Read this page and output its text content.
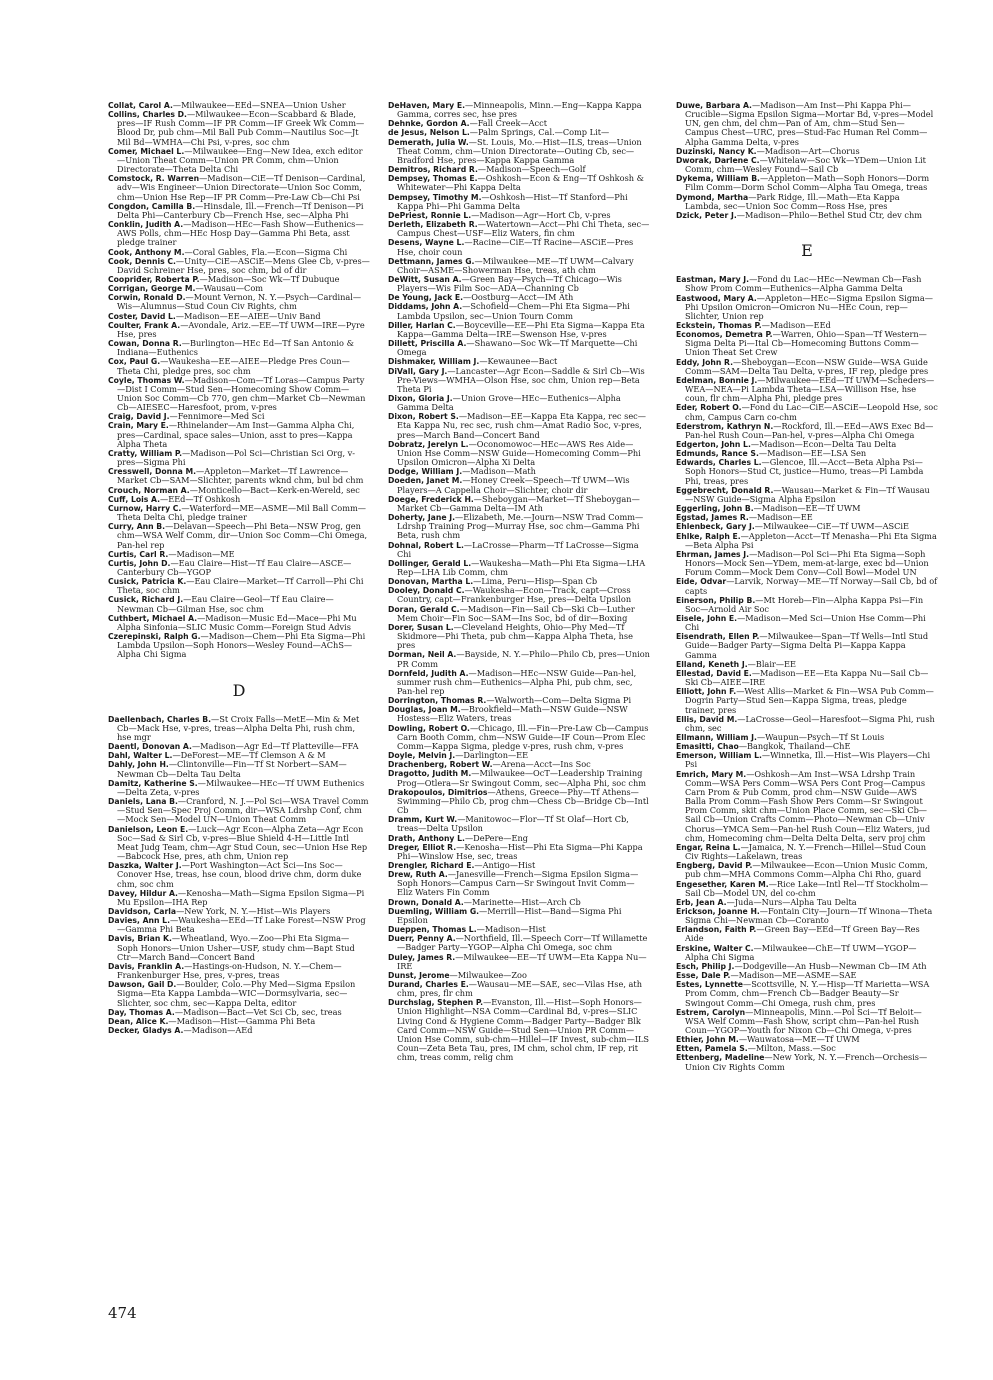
Collat, Carol A.—Milwaukee—EEd—SNEA—Union Usher

Collins, Charles D.—Milwaukee—Econ—Scabbard & Blade, pres—IF Rush Comm—IF PR Comm—IF Greek Wk Comm—Blood Dr, pub chm—Mil Ball Pub Comm—Nautilus Soc—Jt Mil Bd—WMHA—Chi Psi, v-pres, soc chm

Comer, Michael L.—Milwaukee—Eng—New Idea, exch editor—Union Theat Comm—Union PR Comm, chm—Union Directorate—Theta Delta Chi

Comstock, R. Warren—Madison—CiE—Tf Denison—Cardinal, adv—Wis Engineer—Union Directorate—Union Soc Comm, chm—Union Hse Rep—IF PR Comm—Pre-Law Cb—Chi Psi

Congdon, Camilla B.—Hinsdale, Ill.—French—Tf Denison—Pi Delta Phi—Canterbury Cb—French Hse, sec—Alpha Phi

Conklin, Judith A.—Madison—HEc—Fash Show—Euthenics—AWS Polls, chm—HEc Hosp Day—Gamma Phi Beta, asst pledge trainer

Cook, Anthony M.—Coral Gables, Fla.—Econ—Sigma Chi

Cook, Dennis C.—Unity—CiE—ASCiE—Mens Glee Cb, v-pres—David Schreiner Hse, pres, soc chm, bd of dir

Coopriđer, Roberta P.—Madison—Soc Wk—Tf Dubuque

Corrigan, George M.—Wausau—Com

Corwin, Ronald D.—Mount Vernon, N. Y.—Psych—Cardinal—Wis—Alumnus—Stud Coun Civ Rights, chm

Coster, David L.—Madison—EE—AIEE—Univ Band

Coulter, Frank A.—Avondale, Ariz.—EE—Tf UWM—IRE—Pyre Hse, pres

Cowan, Donna R.—Burlington—HEc Ed—Tf San Antonio & Indiana—Euthenics

Cox, Paul G.—Waukesha—EE—AIEE—Pledge Pres Coun—Theta Chi, pledge pres, soc chm

Coyle, Thomas W.—Madison—Com—Tf Loras—Campus Party—Dist I Comm—Stud Sen—Homecoming Show Comm—Union Soc Comm—Cb 770, gen chm—Market Cb—Newman Cb—AIESEC—Haresfoot, prom, v-pres

Craig, David J.—Fennimore—Med Sci

Crain, Mary E.—Rhinelander—Am Inst—Gamma Alpha Chi, pres—Cardinal, space sales—Union, asst to pres—Kappa Alpha Theta

Cratty, William P.—Madison—Pol Sci—Christian Sci Org, v-pres—Sigma Phi

Cresswell, Donna M.—Appleton—Market—Tf Lawrence—Market Cb—SAM—Slichter, parents wknd chm, bul bd chm

Crouch, Norman A.—Monticello—Bact—Kerk-en-Wereld, sec

Cuff, Lois A.—EEd—Tf Oshkosh

Curnow, Harry C.—Waterford—ME—ASME—Mil Ball Comm—Theta Delta Chi, pledge trainer

Curry, Ann B.—Delavan—Speech—Phi Beta—NSW Prog, gen chm—WSA Welf Comm, dir—Union Soc Comm—Chi Omega, Pan-hel rep

Curtis, Carl R.—Madison—ME

Curtis, John D.—Eau Claire—Hist—Tf Eau Claire—ASCE—Canterbury Cb—YGOP

Cusick, Patricia K.—Eau Claire—Market—Tf Carroll—Phi Chi Theta, soc chm

Cusick, Richard J.—Eau Claire—Geol—Tf Eau Claire—Newman Cb—Gilman Hse, soc chm

Cuthbert, Michael A.—Madison—Music Ed—Mace—Phi Mu Alpha Sinfonia—SLIC Music Comm—Foreign Stud Advis

Czerepinski, Ralph G.—Madison—Chem—Phi Eta Sigma—Phi Lambda Upsilon—Soph Honors—Wesley Found—AChS—Alpha Chi Sigma

D

Daellenbach, Charles B.—St Croix Falls—MetE—Min & Met Cb—Mack Hse, v-pres, treas—Alpha Delta Phi, rush chm, hse mgr

Daentl, Donovan A.—Madison—Agr Ed—Tf Platteville—FFA

Dahl, Walter L.—DeForest—ME—Tf Clemson A & M

Dahly, John H.—Clintonville—Fin—Tf St Norbert—SAM—Newman Cb—Delta Tau Delta

Damitz, Katherine S.—Milwaukee—HEc—Tf UWM Euthenics—Delta Zeta, v-pres

Daniels, Lana B.—Cranford, N. J.—Pol Sci—WSA Travel Comm—Stud Sen—Spec Proj Comm, dir—WSA Ldrshp Conf, chm—Mock Sen—Model UN—Union Theat Comm

Danielson, Leon E.—Luck—Agr Econ—Alpha Zeta—Agr Econ Soc—Sad & Sirl Cb, v-pres—Blue Shield 4-H—Little Intl Meat Judg Team, chm—Agr Stud Coun, sec—Union Hse Rep—Babcock Hse, pres, ath chm, Union rep

Daszka, Walter J.—Port Washington—Act Sci—Ins Soc—Conover Hse, treas, hse coun, blood drive chm, dorm duke chm, soc chm

Davey, Hildur A.—Kenosha—Math—Sigma Epsilon Sigma—Pi Mu Epsilon—IHA Rep

Davidson, Carla—New York, N. Y.—Hist—Wis Players

Davies, Ann L.—Waukesha—EEd—Tf Lake Forest—NSW Prog—Gamma Phi Beta

Davis, Brian K.—Wheatland, Wyo.—Zoo—Phi Eta Sigma—Soph Honors—Union Usher—USF, study chm—Bapt Stud Ctr—March Band—Concert Band

Davis, Franklin A.—Hastings-on-Hudson, N. Y.—Chem—Frankenburger Hse, pres, v-pres, treas

Dawson, Gail D.—Boulder, Colo.—Phy Med—Sigma Epsilon Sigma—Eta Kappa Lambda—WIC—Dormsylvaria, sec—Slichter, soc chm, sec—Kappa Delta, editor

Day, Thomas A.—Madison—Bact—Vet Sci Cb, sec, treas

Dean, Alice K.—Madison—Hist—Gamma Phi Beta

Decker, Gladys A.—Madison—AEd

DeHaven, Mary E.—Minneapolis, Minn.—Eng—Kappa Kappa Gamma, corres sec, hse pres

Dehnke, Gordon A.—Fall Creek—Acct

de Jesus, Nelson L.—Palm Springs, Cal.—Comp Lit—

Demerath, Julia W.—St. Louis, Mo.—Hist—ILS, treas—Union Theat Comm, chm—Union Directorate—Outing Cb, sec—Bradford Hse, pres—Kappa Kappa Gamma

Demitros, Richard R.—Madison—Speech—Golf

Dempsey, Thomas E.—Oshkosh—Econ & Eng—Tf Oshkosh & Whitewater—Phi Kappa Delta

Dempsey, Timothy M.—Oshkosh—Hist—Tf Stanford—Phi Kappa Phi—Phi Gamma Delta

DePriest, Ronnie L.—Madison—Agr—Hort Cb, v-pres

Derleth, Elizabeth R.—Watertown—Acct—Phi Chi Theta, sec—Campus Chest—USF—Eliz Waters, fin chm

Desens, Wayne L.—Racine—CiE—Tf Racine—ASCiE—Pres Hse, choir coun

Dettmann, James G.—Milwaukee—ME—Tf UWM—Calvary Choir—ASME—Showerman Hse, treas, ath chm

DeWitt, Susan A.—Green Bay—Psych—Tf Chicago—Wis Players—Wis Film Soc—ADA—Channing Cb

De Young, Jack E.—Oostburg—Acct—IM Ath

Diddams, John A.—Schofield—Chem—Phi Eta Sigma—Phi Lambda Upsilon, sec—Union Tourn Comm

Diller, Harlan C.—Boyceville—EE—Phi Eta Sigma—Kappa Eta Kappa—Gamma Delta—IRE—Swenson Hse, v-pres

Dillett, Priscilla A.—Shawano—Soc Wk—Tf Marquette—Chi Omega

Dishmaker, William J.—Kewaunee—Bact

DiVall, Gary J.—Lancaster—Agr Econ—Saddle & Sirl Cb—Wis Pre-Views—WMHA—Olson Hse, soc chm, Union rep—Beta Theta Pi

Dixon, Gloria J.—Union Grove—HEc—Euthenics—Alpha Gamma Delta

Dixon, Robert S.—Madison—EE—Kappa Eta Kappa, rec sec—Eta Kappa Nu, rec sec, rush chm—Amat Radio Soc, v-pres, pres—March Band—Concert Band

Dobratz, Jerelyn L.—Oconomowoc—HEc—AWS Res Aide—Union Hse Comm—NSW Guide—Homecoming Comm—Phi Upsilon Omicron—Alpha Xi Delta

Dodge, William J.—Madison—Math

Doeden, Janet M.—Honey Creek—Speech—Tf UWM—Wis Players—A Cappella Choir—Slichter, choir dir

Doege, Frederick H.—Sheboygan—Market—Tf Sheboygan—Market Cb—Gamma Delta—IM Ath

Doherty, Jane J.—Elizabeth, Me.—Journ—NSW Trad Comm—Ldrshp Training Prog—Murray Hse, soc chm—Gamma Phi Beta, rush chm

Dohnal, Robert L.—LaCrosse—Pharm—Tf LaCrosse—Sigma Chi

Dollinger, Gerald L.—Waukesha—Math—Phi Eta Sigma—LHA Rep—LHA Lib Comm, chm

Donovan, Martha L.—Lima, Peru—Hisp—Span Cb

Dooley, Donald C.—Waukesha—Econ—Track, capt—Cross Country, capt—Frankenburger Hse, pres—Delta Upsilon

Doran, Gerald C.—Madison—Fin—Sail Cb—Ski Cb—Luther Mem Choir—Fin Soc—SAM—Ins Soc, bd of dir—Boxing

Dorer, Susan L.—Cleveland Heights, Ohio—Phy Med—Tf Skidmore—Phi Theta, pub chm—Kappa Alpha Theta, hse pres

Dorman, Neil A.—Bayside, N. Y.—Philo—Philo Cb, pres—Union PR Comm

Dornfeld, Judith A.—Madison—HEc—NSW Guide—Pan-hel, summer rush chm—Euthenics—Alpha Phi, pub chm, sec, Pan-hel rep

Dorrington, Thomas R.—Walworth—Com—Delta Sigma Pi

Douglas, Joan M.—Brookfield—Math—NSW Guide—NSW Hostess—Eliz Waters, treas

Dowling, Robert O.—Chicago, Ill.—Fin—Pre-Law Cb—Campus Carn Booth Comm, chm—NSW Guide—IF Coun—Prom Elec Comm—Kappa Sigma, pledge v-pres, rush chm, v-pres

Doyle, Melvin J.—Darlington—EE

Drachenberg, Robert W.—Arena—Acct—Ins Soc

Dragotto, Judith M.—Milwaukee—OcT—Leadership Training Prog—Otlera—Sr Swingout Comm, sec—Alpha Phi, soc chm

Drakopoulos, Dimitrios—Athens, Greece—Phy—Tf Athens—Swimming—Philo Cb, prog chm—Chess Cb—Bridge Cb—Intl Cb

Dramm, Kurt W.—Manitowoc—Flor—Tf St Olaf—Hort Cb, treas—Delta Upsilon

Drath, Anthony L.—DePere—Eng

Dreger, Elliot R.—Kenosha—Hist—Phi Eta Sigma—Phi Kappa Phi—Winslow Hse, sec, treas

Drengler, Richard E.—Antigo—Hist

Drew, Ruth A.—Janesville—French—Sigma Epsilon Sigma—Soph Honors—Campus Carn—Sr Swingout Invit Comm—Eliz Waters Fin Comm

Drown, Donald A.—Marinette—Hist—Arch Cb

Duemling, William G.—Merrill—Hist—Band—Sigma Phi Epsilon

Dueppen, Thomas L.—Madison—Hist

Duerr, Penny A.—Northfield, Ill.—Speech Corr—Tf Willamette—Badger Party—YGOP—Alpha Chi Omega, soc chm

Duley, James R.—Milwaukee—EE—Tf UWM—Eta Kappa Nu—IRE

Dunst, Jerome—Milwaukee—Zoo

Durand, Charles E.—Wausau—ME—SAE, sec—Vilas Hse, ath chm, pres, flr chm

Durchslag, Stephen P.—Evanston, Ill.—Hist—Soph Honors—Union Highlight—NSA Comm—Cardinal Bd, v-pres—SLIC Living Cond & Hygiene Comm—Badger Party—Badger Blk Card Comm—NSW Guide—Stud Sen—Union PR Comm—Union Hse Comm, sub-chm—Hillel—IF Invest, sub-chm—ILS Coun—Zeta Beta Tau, pres, IM chm, schol chm, IF rep, rit chm, treas comm, relig chm

Duwe, Barbara A.—Madison—Am Inst—Phi Kappa Phi—Crucible—Sigma Epsilon Sigma—Mortar Bd, v-pres—Model UN, gen chm, del chm—Pan of Am, chm—Stud Sen—Campus Chest—URC, pres—Stud-Fac Human Rel Comm—Alpha Gamma Delta, v-pres

Duzinski, Nancy K.—Madison—Art—Chorus

Dworak, Darlene C.—Whitelaw—Soc Wk—YDem—Union Lit Comm, chm—Wesley Found—Sail Cb

Dykema, William B.—Appleton—Math—Soph Honors—Dorm Film Comm—Dorm Schol Comm—Alpha Tau Omega, treas

Dymond, Martha—Park Ridge, Ill.—Math—Eta Kappa Lambda, sec—Union Soc Comm—Ross Hse, pres

Dzick, Peter J.—Madison—Philo—Bethel Stud Ctr, dev chm

E

Eastman, Mary J.—Fond du Lac—HEc—Newman Cb—Fash Show Prom Comm—Euthenics—Alpha Gamma Delta

Eastwood, Mary A.—Appleton—HEc—Sigma Epsilon Sigma—Phi Upsilon Omicron—Omicron Nu—HEc Coun, rep—Slichter, Union rep

Eckstein, Thomas P.—Madison—EEd

Economos, Demetra P.—Warren, Ohio—Span—Tf Western—Sigma Delta Pi—Ital Cb—Homecoming Buttons Comm—Union Theat Set Crew

Eddy, John R.—Sheboygan—Econ—NSW Guide—WSA Guide Comm—SAM—Delta Tau Delta, v-pres, IF rep, pledge pres

Edelman, Bonnie J.—Milwaukee—EEd—Tf UWM—Scheders—WEA—NEA—Pi Lambda Theta—LSA—Willison Hse, hse coun, flr chm—Alpha Phi, pledge pres

Eder, Robert O.—Fond du Lac—CiE—ASCiE—Leopold Hse, soc chm, Campus Carn co-chm

Ederstrom, Kathryn N.—Rockford, Ill.—EEd—AWS Exec Bd—Pan-hel Rush Coun—Pan-hel, v-pres—Alpha Chi Omega

Edgerton, John L.—Madison—Econ—Delta Tau Delta

Edmunds, Rance S.—Madison—EE—LSA Sen

Edwards, Charles L.—Glencoe, Ill.—Acct—Beta Alpha Psi—Soph Honors—Stud Ct, justice—Humo, treas—Pi Lambda Phi, treas, pres

Eggebrecht, Donald R.—Wausau—Market & Fin—Tf Wausau—NSW Guide—Sigma Alpha Epsilon

Eggerling, John B.—Madison—EE—Tf UWM

Egstad, James R.—Madison—EE

Ehlenbeck, Gary J.—Milwaukee—CiE—Tf UWM—ASCiE

Ehlke, Ralph E.—Appleton—Acct—Tf Menasha—Phi Eta Sigma—Beta Alpha Psi

Ehrman, James J.—Madison—Pol Sci—Phi Eta Sigma—Soph Honors—Mock Sen—YDem, mem-at-large, exec bd—Union Forum Comm—Mock Dem Conv—Coll Bowl—Model UN

Eide, Odvar—Larvik, Norway—ME—Tf Norway—Sail Cb, bd of capts

Einerson, Philip B.—Mt Horeb—Fin—Alpha Kappa Psi—Fin Soc—Arnold Air Soc

Eisele, John E.—Madison—Med Sci—Union Hse Comm—Phi Chi

Eisendrath, Ellen P.—Milwaukee—Span—Tf Wells—Intl Stud Guide—Badger Party—Sigma Delta Pi—Kappa Kappa Gamma

Elland, Keneth J.—Blair—EE

Ellestad, David E.—Madison—EE—Eta Kappa Nu—Sail Cb—Ski Cb—AIEE—IRE

Elliott, John F.—West Allis—Market & Fin—WSA Pub Comm—Dogrin Party—Stud Sen—Kappa Sigma, treas, pledge trainer, pres

Ellis, David M.—LaCrosse—Geol—Haresfoot—Sigma Phi, rush chm, sec

Ellmann, William J.—Waupun—Psych—Tf St Louis

Emasitti, Chao—Bangkok, Thailand—ChE

Emerson, William L.—Winnetka, Ill.—Hist—Wis Players—Chi Psi

Emrich, Mary M.—Oshkosh—Am Inst—WSA Ldrshp Train Comm—WSA Pers Comm—WSA Pers Cont Prog—Campus Carn Prom & Pub Comm, prod chm—NSW Guide—AWS Balla Prom Comm—Fash Show Pers Comm—Sr Swingout Prom Comm, skit chm—Union Place Comm, sec—Ski Cb—Sail Cb—Union Crafts Comm—Photo—Newman Cb—Univ Chorus—YMCA Sem—Pan-hel Rush Coun—Eliz Waters, jud chm, Homecoming chm—Delta Delta Delta, serv proj chm

Engar, Reina L.—Jamaica, N. Y.—French—Hillel—Stud Coun Civ Rights—Lakelawn, treas

Engberg, David P.—Milwaukee—Econ—Union Music Comm, pub chm—MHA Commons Comm—Alpha Chi Rho, guard

Engesether, Karen M.—Rice Lake—Intl Rel—Tf Stockholm—Sail Cb—Model UN, del co-chm

Erb, Jean A.—Juda—Nurs—Alpha Tau Delta

Erickson, Joanne H.—Fontain City—Journ—Tf Winona—Theta Sigma Chi—Newman Cb—Coranto

Erlandson, Faith P.—Green Bay—EEd—Tf Green Bay—Res Aide

Erskine, Walter C.—Milwaukee—ChE—Tf UWM—YGOP—Alpha Chi Sigma

Esch, Philip J.—Dodgeville—An Husb—Newman Cb—IM Ath

Esse, Dale P.—Madison—ME—ASME—SAE

Estes, Lynnette—Scottsville, N. Y.—Hisp—Tf Marietta—WSA Prom Comm, chm—French Cb—Badger Beauty—Sr Swingout Comm—Chi Omega, rush chm, pres

Estrem, Carolyn—Minneapolis, Minn.—Pol Sci—Tf Beloit—WSA Welf Comm—Fash Show, script chm—Pan-hel Rush Coun—YGOP—Youth for Nixon Cb—Chi Omega, v-pres

Ethier, John M.—Wauwatosa—ME—Tf UWM

Etten, Pamela S.—Milton, Mass.—Soc

Ettenberg, Madeline—New York, N. Y.—French—Orchesis—Union Civ Rights Comm

474
